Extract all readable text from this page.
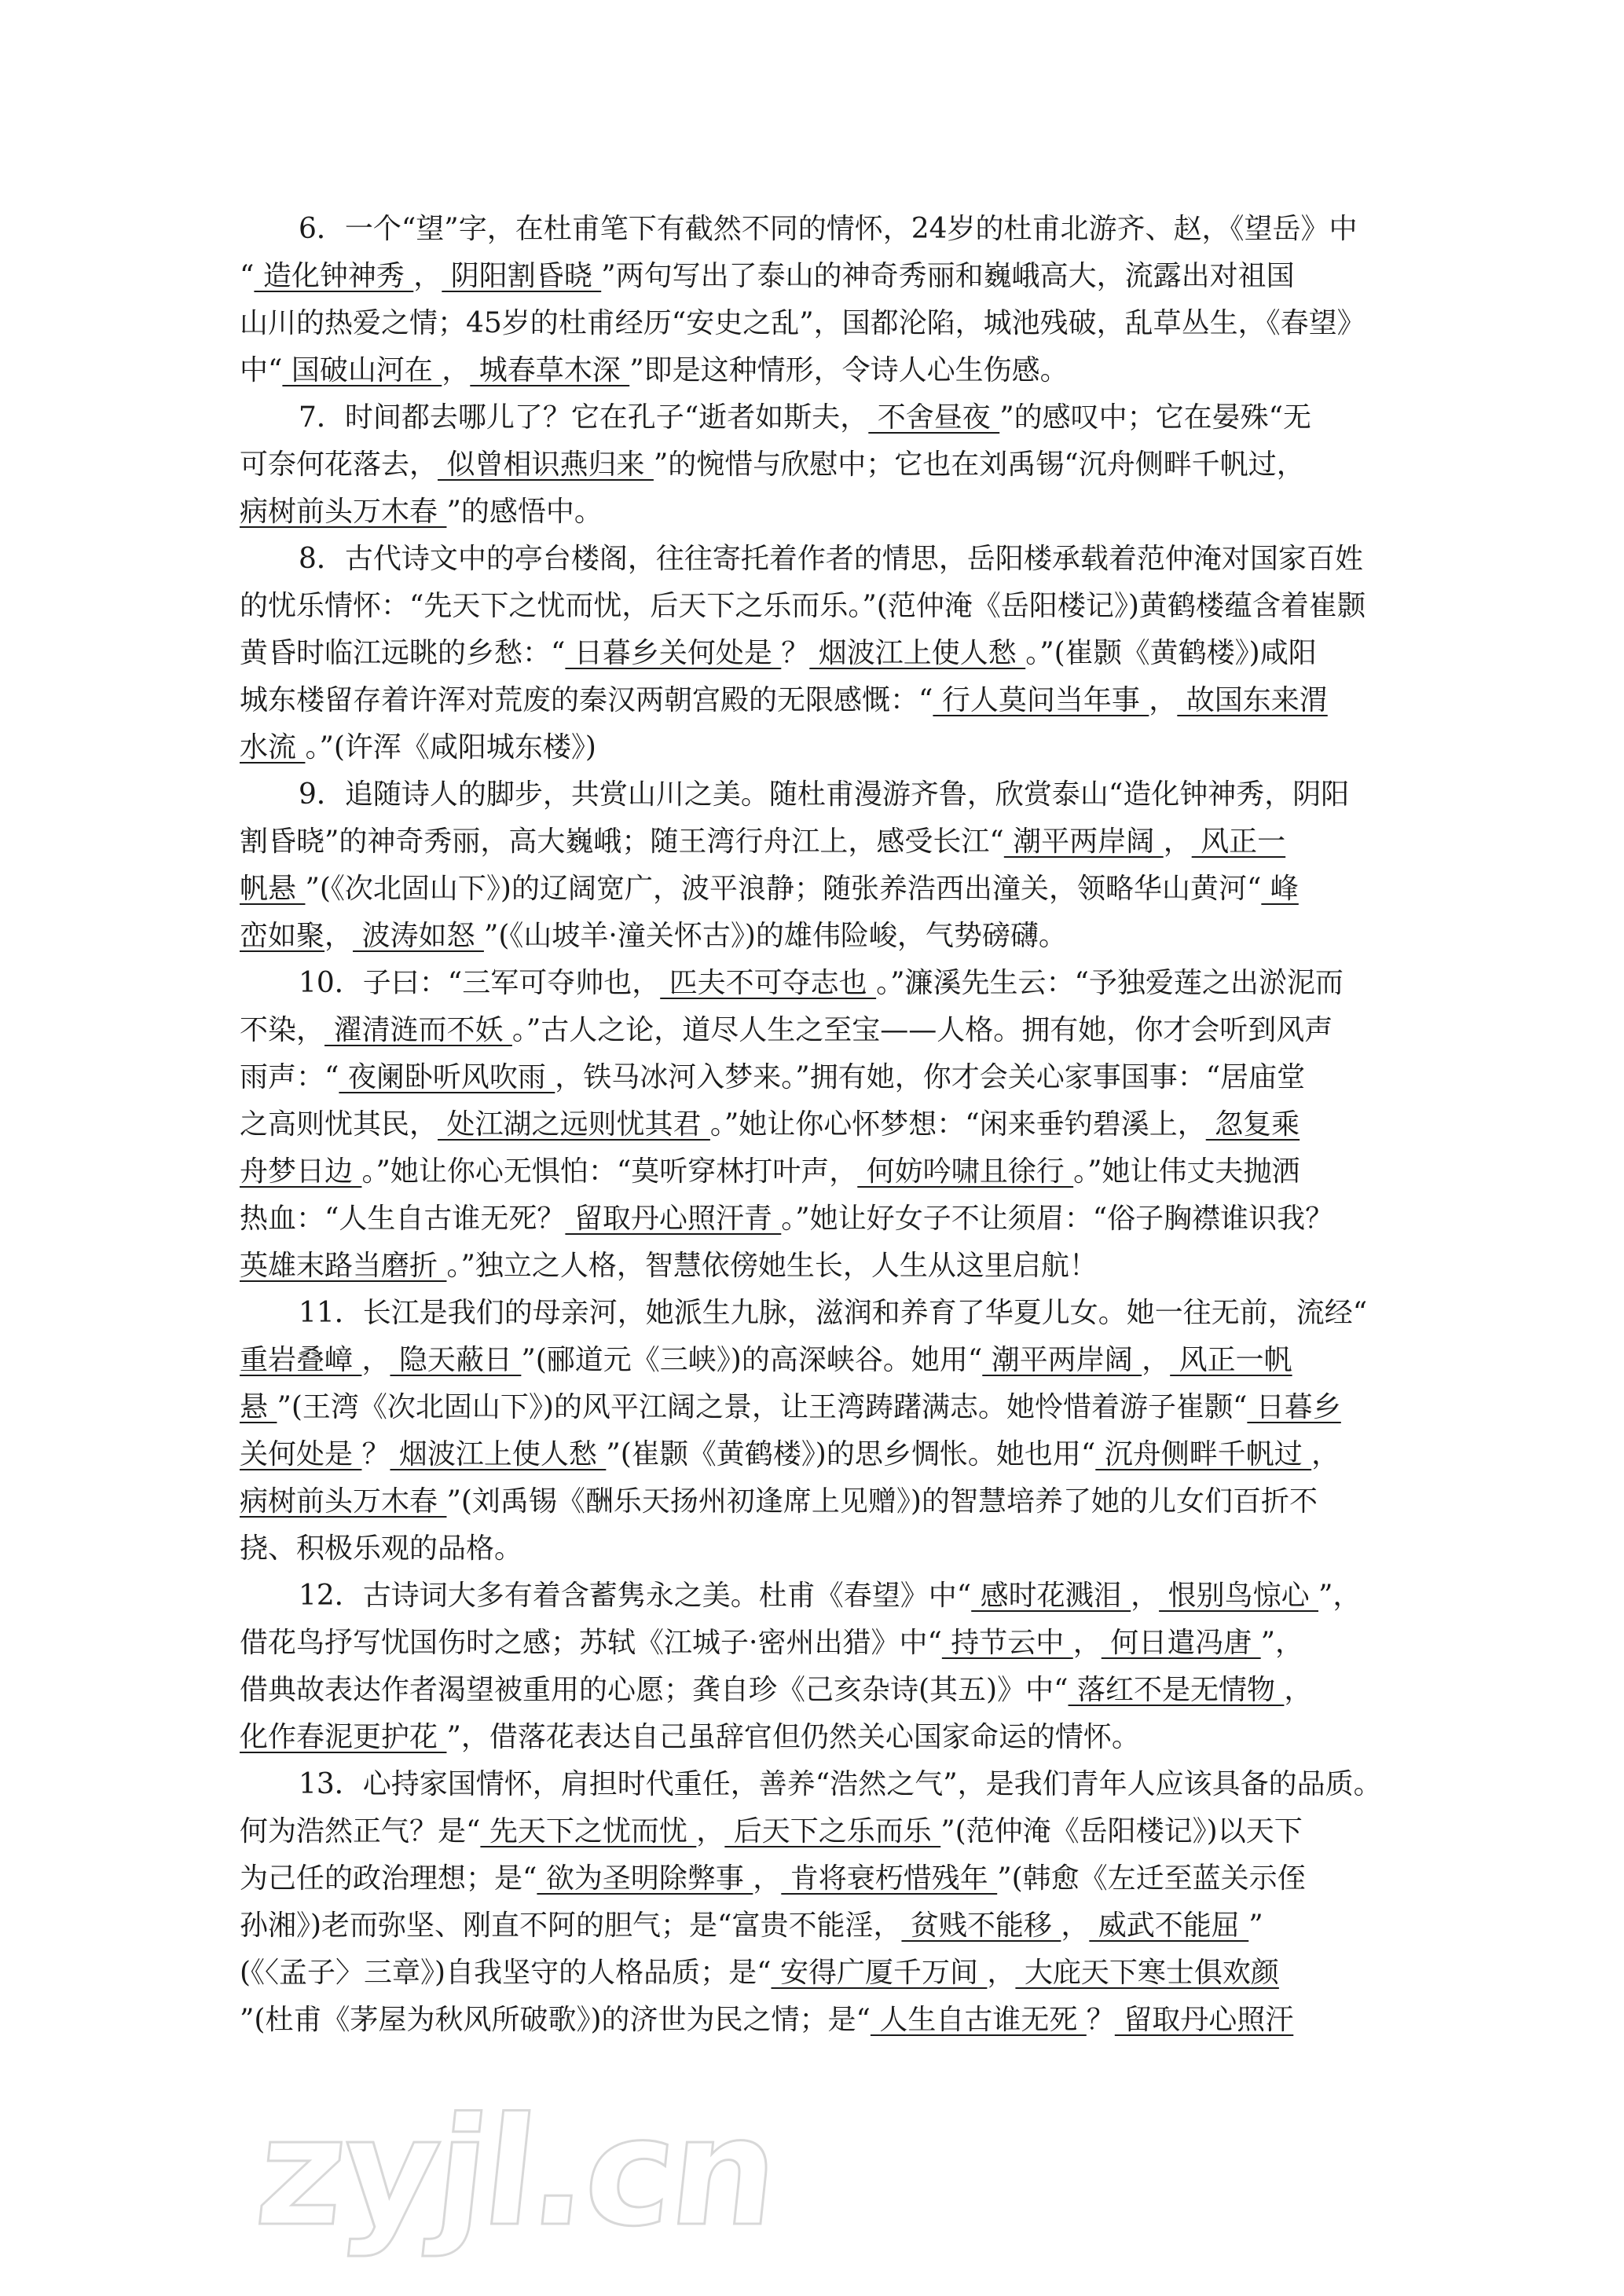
6．一个“望”字，在杜甫笔下有截然不同的情怀，24岁的杜甫北游齐、赵，《望岳》中
“ 造化钟神秀 ， 阴阳割昏晓 ”两句写出了泰山的神奇秀丽和巍峨高大，流露出对祖国
山川的热爱之情；45岁的杜甫经历“安史之乱”，国都沦陷，城池残破，乱草丛生，《春望》
中“ 国破山河在 ， 城春草木深 ”即是这种情形，令诗人心生伤感。
7．时间都去哪儿了？它在孔子“逝者如斯夫， 不舍昼夜 ”的感叹中；它在晏殊“无
可奈何花落去， 似曾相识燕归来 ”的惋惜与欣慰中；它也在刘禹锡“沉舟侧畔千帆过，
病树前头万木春 ”的感悟中。
8．古代诗文中的亭台楼阁，往往寄托着作者的情思，岳阳楼承载着范仲淹对国家百姓
的忧乐情怀：“先天下之忧而忧，后天下之乐而乐。”(范仲淹《岳阳楼记》)黄鹤楼蕴含着崔颢
黄昏时临江远眺的乡愁：“ 日暮乡关何处是 ？ 烟波江上使人愁 。”(崔颢《黄鹤楼》)咸阳
城东楼留存着许浑对荒废的秦汉两朝宫殿的无限感慨：“ 行人莫问当年事 ， 故国东来渭
水流 。”(许浑《咸阳城东楼》)
9．追随诗人的脚步，共赏山川之美。随杜甫漫游齐鲁，欣赏泰山“造化钟神秀，阴阳
割昏晓”的神奇秀丽，高大巍峨；随王湾行舟江上，感受长江“ 潮平两岸阔 ， 风正一
帆悬 ”(《次北固山下》)的辽阔宽广，波平浪静；随张养浩西出潼关，领略华山黄河“ 峰
峦如聚， 波涛如怒 ”(《山坡羊·潼关怀古》)的雄伟险峻，气势磅礴。
10．子曰：“三军可夺帅也， 匹夫不可夺志也 。”濂溪先生云：“予独爱莲之出淤泥而
不染， 濯清涟而不妖 。”古人之论，道尽人生之至宝——人格。拥有她，你才会听到风声
雨声：“ 夜阑卧听风吹雨 ，铁马冰河入梦来。”拥有她，你才会关心家事国事：“居庙堂
之高则忧其民， 处江湖之远则忧其君 。”她让你心怀梦想：“闲来垂钓碧溪上， 忽复乘
舟梦日边 。”她让你心无惧怕：“莫听穿林打叶声， 何妨吟啸且徐行 。”她让伟丈夫抛洒
热血：“人生自古谁无死？ 留取丹心照汗青 。”她让好女子不让须眉：“俗子胸襟谁识我？
英雄末路当磨折 。”独立之人格，智慧依傍她生长，人生从这里启航！
11．长江是我们的母亲河，她派生九脉，滋润和养育了华夏儿女。她一往无前，流经“
重岩叠嶂 ， 隐天蔽日 ”(郦道元《三峡》)的高深峡谷。她用“ 潮平两岸阔 ， 风正一帆
悬 ”(王湾《次北固山下》)的风平江阔之景，让王湾踌躇满志。她怜惜着游子崔颢“ 日暮乡
关何处是 ？ 烟波江上使人愁 ”(崔颢《黄鹤楼》)的思乡惆怅。她也用“ 沉舟侧畔千帆过 ，
病树前头万木春 ”(刘禹锡《酬乐天扬州初逢席上见赠》)的智慧培养了她的儿女们百折不
挠、积极乐观的品格。
12．古诗词大多有着含蓄隽永之美。杜甫《春望》中“ 感时花溅泪 ， 恨别鸟惊心 ”，
借花鸟抒写忧国伤时之感；苏轼《江城子·密州出猎》中“ 持节云中 ， 何日遣冯唐 ”，
借典故表达作者渴望被重用的心愿；龚自珍《己亥杂诗(其五)》中“ 落红不是无情物 ，
化作春泥更护花 ”，借落花表达自己虽辞官但仍然关心国家命运的情怀。
13．心持家国情怀，肩担时代重任，善养“浩然之气”，是我们青年人应该具备的品质。
何为浩然正气？是“ 先天下之忧而忧 ， 后天下之乐而乐 ”(范仲淹《岳阳楼记》)以天下
为己任的政治理想；是“ 欲为圣明除弊事 ， 肯将衰朽惜残年 ”(韩愈《左迁至蓝关示侄
孙湘》)老而弥坚、刚直不阿的胆气；是“富贵不能淫， 贫贱不能移 ， 威武不能屈 ”
(《〈孟子〉三章》)自我坚守的人格品质；是“ 安得广厦千万间 ， 大庇天下寒士俱欢颜
”(杜甫《茅屋为秋风所破歌》)的济世为民之情；是“ 人生自古谁无死 ？ 留取丹心照汗
zyjl.cn
